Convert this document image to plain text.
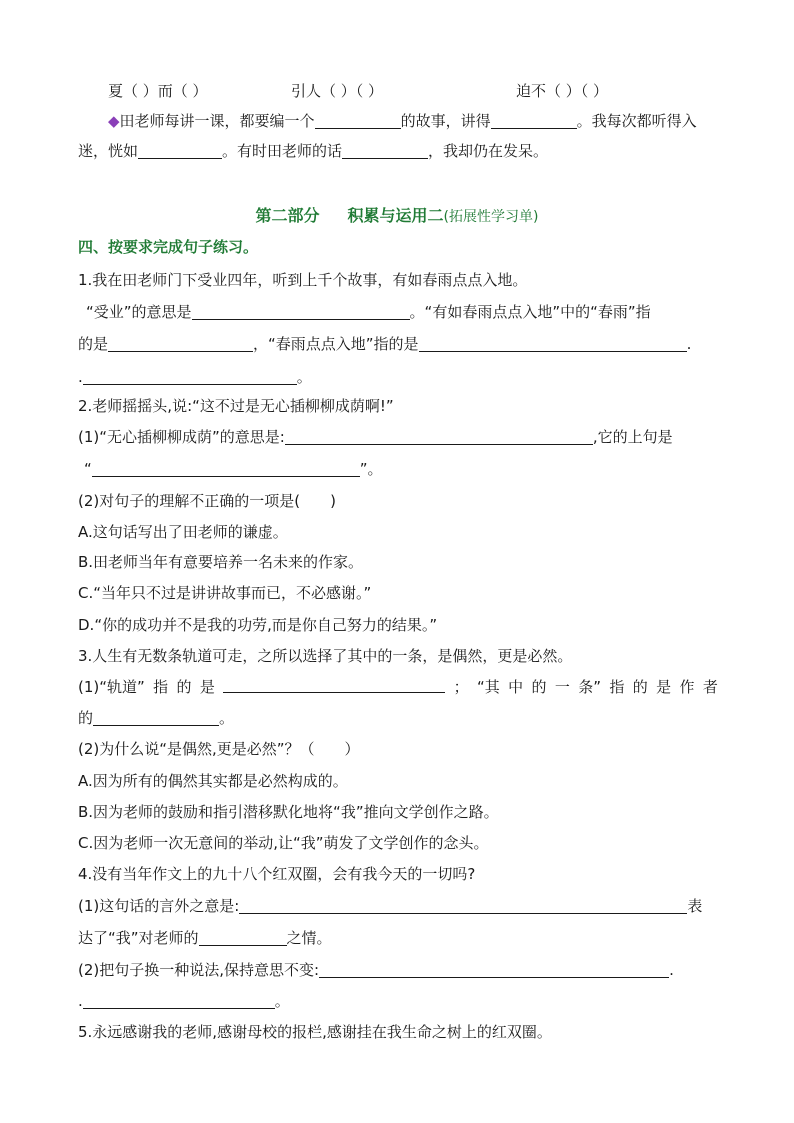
夏（ ）而（ ）	引人（ ）（ ）	迫不（ ）（ ）
◆田老师每讲一课，都要编一个	的故事，讲得	。我每次都听得入
迷，恍如	。有时田老师的话	，我却仍在发呆。
第二部分 积累与运用二(拓展性学习单)
四、按要求完成句子练习。
1.我在田老师门下受业四年，听到上千个故事，有如春雨点点入地。
“受业”的意思是	。“有如春雨点点入地”中的“春雨”指
的是	，“春雨点点入地”指的是	.
.	。
2.老师摇摇头,说:“这不过是无心插柳柳成荫啊!”
(1)“无心插柳柳成荫”的意思是:	,它的上句是
“	”。
(2)对句子的理解不正确的一项是(　　)
A.这句话写出了田老师的谦虚。
B.田老师当年有意要培养一名未来的作家。
C.“当年只不过是讲讲故事而已，不必感谢。”
D.“你的成功并不是我的功劳,而是你自己努力的结果。”
3.人生有无数条轨道可走，之所以选择了其中的一条，是偶然，更是必然。
(1)“轨道” 指 的 是	； “其 中 的 一 条” 指 的 是 作 者
的	。
(2)为什么说“是偶然,更是必然”？（　　）
A.因为所有的偶然其实都是必然构成的。
B.因为老师的鼓励和指引潜移默化地将“我”推向文学创作之路。
C.因为老师一次无意间的举动,让“我”萌发了文学创作的念头。
4.没有当年作文上的九十八个红双圈，会有我今天的一切吗?
(1)这句话的言外之意是:	表
达了“我”对老师的	之情。
(2)把句子换一种说法,保持意思不变:	.
.	。
5.永远感谢我的老师,感谢母校的报栏,感谢挂在我生命之树上的红双圈。
